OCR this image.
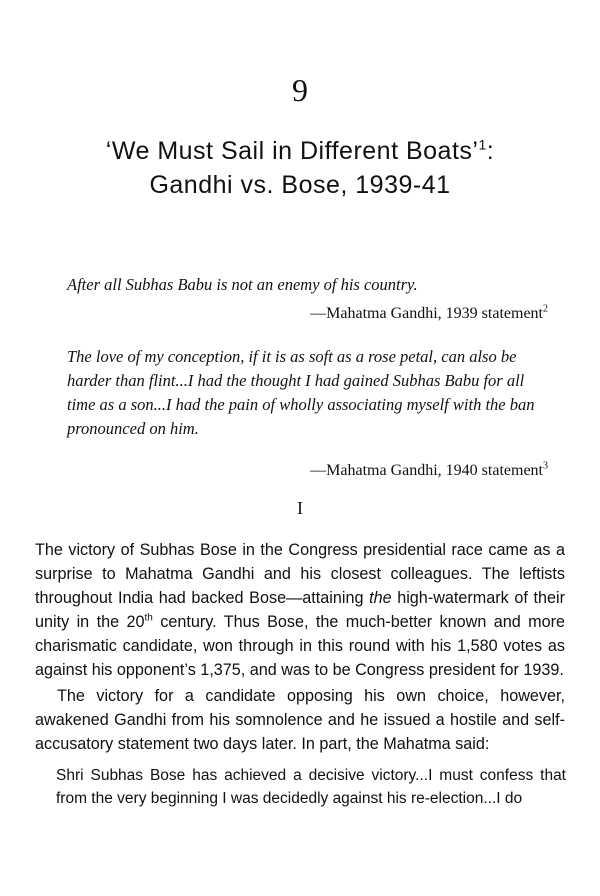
9
‘We Must Sail in Different Boats’$^1$:
Gandhi vs. Bose, 1939-41
After all Subhas Babu is not an enemy of his country.
—Mahatma Gandhi, 1939 statement$^2$
The love of my conception, if it is as soft as a rose petal, can also be harder than flint...I had the thought I had gained Subhas Babu for all time as a son...I had the pain of wholly associating myself with the ban pronounced on him.
—Mahatma Gandhi, 1940 statement$^3$
I
The victory of Subhas Bose in the Congress presidential race came as a surprise to Mahatma Gandhi and his closest colleagues. The leftists throughout India had backed Bose—attaining the high-watermark of their unity in the 20th century. Thus Bose, the much-better known and more charismatic candidate, won through in this round with his 1,580 votes as against his opponent’s 1,375, and was to be Congress president for 1939.
The victory for a candidate opposing his own choice, however, awakened Gandhi from his somnolence and he issued a hostile and self-accusatory statement two days later. In part, the Mahatma said:
Shri Subhas Bose has achieved a decisive victory...I must confess that from the very beginning I was decidedly against his re-election...I do
